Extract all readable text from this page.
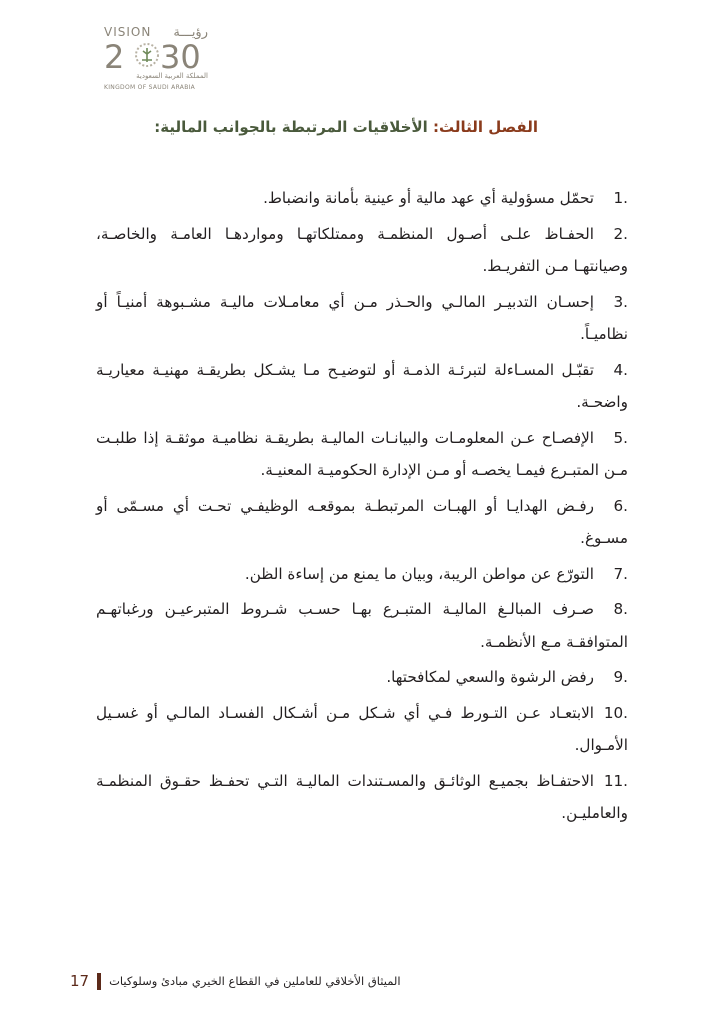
VISION رؤيـــة
2 30
المملكة العربية السعودية
KINGDOM OF SAUDI ARABIA
الفصل الثالث: الأخلاقيات المرتبطة بالجوانب المالية:
1.تحمّل مسؤولية أي عهد مالية أو عينية بأمانة وانضباط.
2.الحفـاظ علـى أصـول المنظمـة وممتلكاتهـا ومواردهـا العامـة والخاصـة، وصيانتهـا مـن التفريـط.
3.إحسـان التدبيـر المالـي والحـذر مـن أي معامـلات ماليـة مشـبوهة أمنيـاً أو نظاميـاً.
4.تقبّـل المسـاءلة لتبرئـة الذمـة أو لتوضيـح مـا يشـكل بطريقـة مهنيـة معياريـة واضحـة.
5.الإفصـاح عـن المعلومـات والبيانـات الماليـة بطريقـة نظاميـة موثقـة إذا طلبـت مـن المتبـرع فيمـا يخصـه أو مـن الإدارة الحكوميـة المعنيـة.
6.رفـض الهدايـا أو الهبـات المرتبطـة بموقعـه الوظيفـي تحـت أي مسـمّى أو مسـوغ.
7.التورّع عن مواطن الريبة، وبيان ما يمنع من إساءة الظن.
8.صـرف المبالـغ الماليـة المتبـرع بهـا حسـب شـروط المتبرعيـن ورغباتهـم المتوافقـة مـع الأنظمـة.
9.رفض الرشوة والسعي لمكافحتها.
10.الابتعـاد عـن التـورط فـي أي شـكل مـن أشـكال الفسـاد المالـي أو غسـيل الأمـوال.
11.الاحتفـاظ بجميـع الوثائـق والمسـتندات الماليـة التـي تحفـظ حقـوق المنظمـة والعامليـن.
17 الميثاق الأخلاقي للعاملين في القطاع الخيري مبادئ وسلوكيات
